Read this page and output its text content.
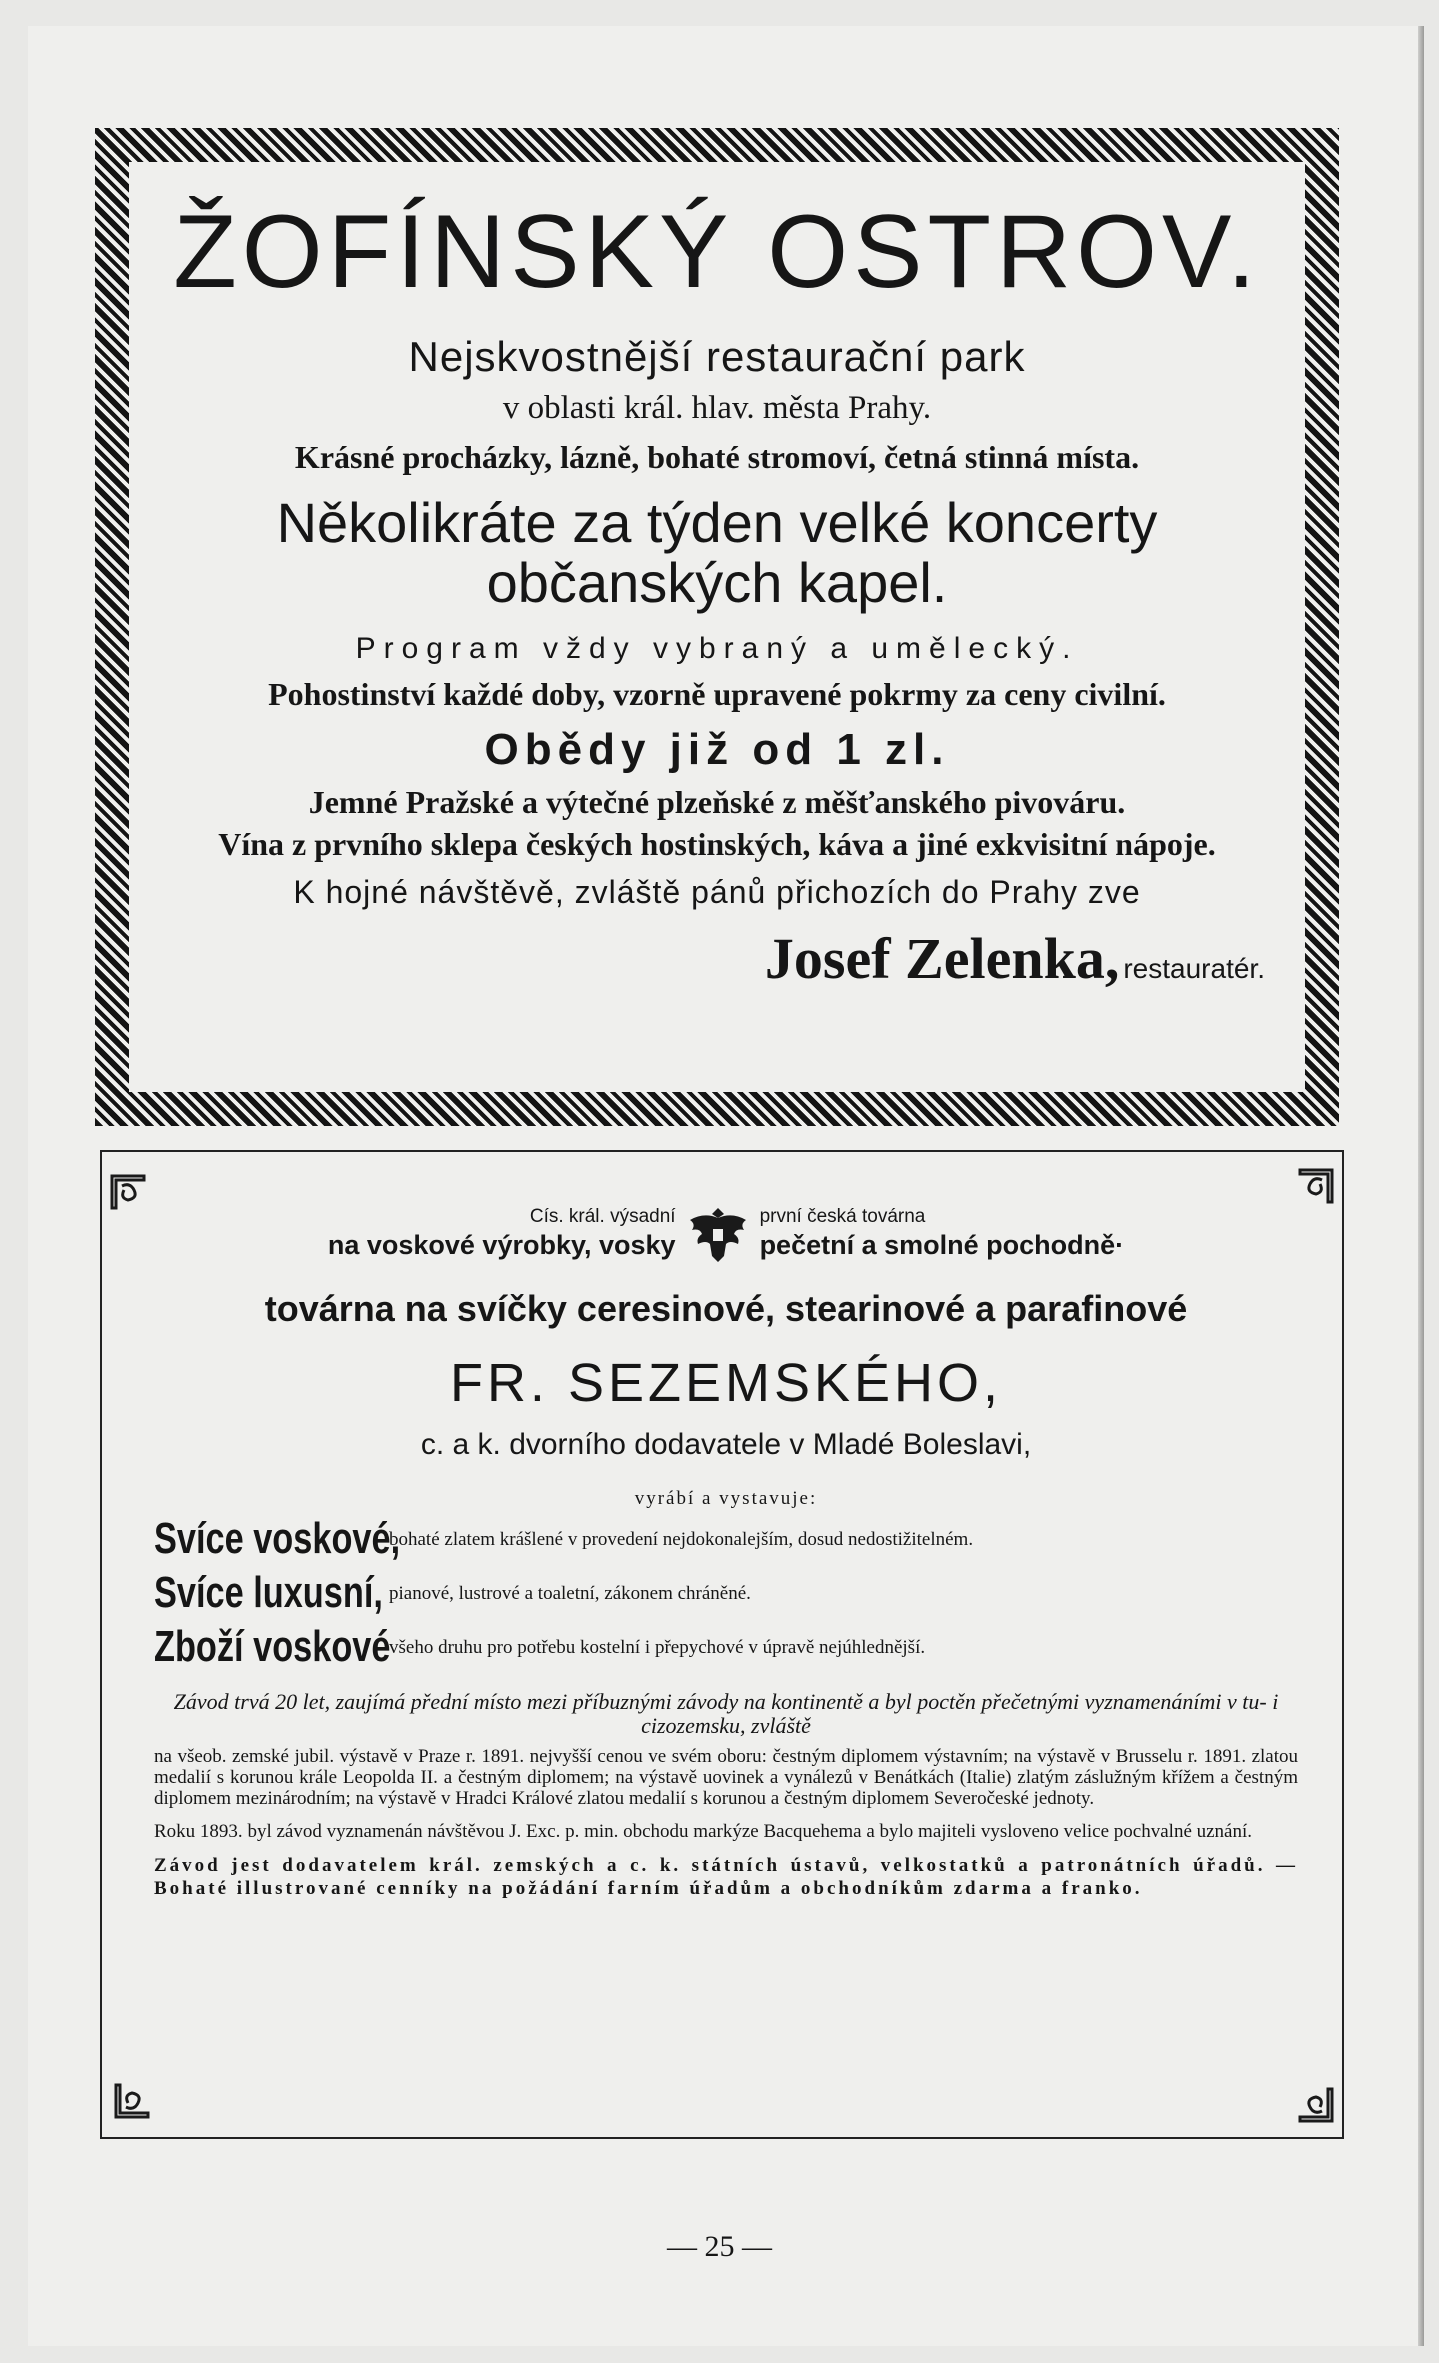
ŽOFÍNSKÝ OSTROV.
Nejskvostnější restaurační park
v oblasti král. hlav. města Prahy.
Krásné procházky, lázně, bohaté stromoví, četná stinná místa.
Několikráte za týden velké koncerty občanských kapel.
Program vždy vybraný a umělecký.
Pohostinství každé doby, vzorně upravené pokrmy za ceny civilní.
Obědy již od 1 zl.
Jemné Pražské a výtečné plzeňské z měšťanského pivováru.
Vína z prvního sklepa českých hostinských, káva a jiné exkvisitní nápoje.
K hojné návštěvě, zvláště pánů přichozích do Prahy zve
Josef Zelenka, restauratér.
Cís. král. výsadní
na voskové výrobky, vosky
první česká továrna
pečetní a smolné pochodně·
továrna na svíčky ceresinové, stearinové a parafinové
FR. SEZEMSKÉHO,
c. a k. dvorního dodavatele v Mladé Boleslavi,
vyrábí a vystavuje:
Svíce voskové,
bohaté zlatem krášlené v provedení nejdokonalejším, dosud nedostižitelném.
Svíce luxusní, pianové, lustrové a toaletní, zákonem chráněné.
Zboží voskové
všeho druhu pro potřebu kostelní i přepychové v úpravě nejúhlednější.
Závod trvá 20 let, zaujímá přední místo mezi příbuznými závody na kontinentě a byl poctěn přečetnými vyznamenáními v tu- i cizozemsku, zvláště
na všeob. zemské jubil. výstavě v Praze r. 1891. nejvyšší cenou ve svém oboru: čestným diplomem výstavním; na výstavě v Brusselu r. 1891. zlatou medalií s korunou krále Leopolda II. a čestným diplomem; na výstavě uovinek a vynálezů v Benátkách (Italie) zlatým záslužným křížem a čestným diplomem mezinárodním; na výstavě v Hradci Králové zlatou medalií s korunou a čestným diplomem Severočeské jednoty.
Roku 1893. byl závod vyznamenán návštěvou J. Exc. p. min. obchodu markýze Bacquehema a bylo majiteli vysloveno velice pochvalné uznání.
Závod jest dodavatelem král. zemských a c. k. státních ústavů, velkostatků a patronátních úřadů. — Bohaté illustrované cenníky na požádání farním úřadům a obchodníkům zdarma a franko.
— 25 —
